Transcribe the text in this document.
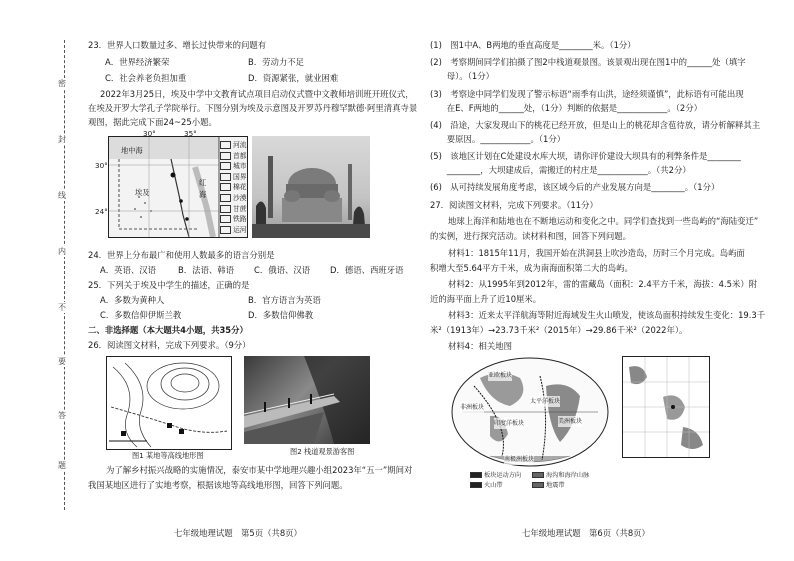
密
封
线
内
不
要
答
题
23．世界人口数量过多、增长过快带来的问题有
A．世界经济繁荣	B．劳动力不足
C．社会养老负担加重	D．资源紧张，就业困难
2022年3月25日，埃及中学中文教育试点项目启动仪式暨中文教师培训班开班仪式，
在埃及开罗大学孔子学院举行。下图分别为埃及示意图及开罗苏丹穆罕默德·阿里清真寺景
观图，据此完成下面24~25小题。
地中海
埃及
红海
河流
首都
城市
国界
棉花
沙漠
甘蔗
铁路
运河
30°	35°
30°
24°
24．世界上分布最广和使用人数最多的语言分别是
A．英语、汉语	B．法语、韩语 C．俄语、汉语 D．德语、西班牙语
25．下列关于埃及中学生的描述，正确的是
A．多数为黄种人	B．官方语言为英语
C．多数信仰伊斯兰教	D．多数信仰佛教
二、非选择题（本大题共4小题，共35分）
26．阅读图文材料，完成下列要求。（9分）
图1 某地等高线地形图	图2 栈道观景游客图
为了解乡村振兴战略的实施情况，泰安市某中学地理兴趣小组2023年“五一”期间对
我国某地区进行了实地考察，根据该地等高线地形图，回答下列问题。
七年级地理试题　第5页（共8页）
(1)　图1中A、B两地的垂直高度是________米。（1分）
(2)　考察期间同学们拍摄了图2中栈道观景图。该景观出现在图1中的______处（填字
　　母）。（1分）
(3)　考察途中同学们发现了警示标语“雨季有山洪，途经须谨慎”，此标语有可能出现
　　在E、F两地的______处，（1分）判断的依据是____________。（2分）
(4)　沿途，大家发现山下的桃花已经开放，但是山上的桃花却含苞待放，请分析解释其主
　　要原因。____________。（1分）
(5)　该地区计划在C处建设水库大坝，请你评价建设大坝具有的利弊条件是________
　　________，大坝建成后，需搬迁的村庄是____________。（共2分）
(6)　从可持续发展角度考虑，该区域今后的产业发展方向是________。（1分）
27．阅读图文材料，完成下列要求。（11分）
地球上海洋和陆地也在不断地运动和变化之中。同学们查找到一些岛屿的“海陆变迁”
的实例，进行探究活动。读材料和图，回答下列问题。
材料1：1815年11月，我国开始在洪洞县上吹沙造岛，历时三个月完成。岛屿面
积增大至5.64平方千米，成为南海面积第二大的岛屿。
材料2：从1995年到2012年，雷的雷藏岛（面积：2.4平方千米，海拔：4.5米）附
近的海平面上升了近10厘米。
材料3：近来太平洋航海等附近海域发生火山喷发，使该岛面积持续发生变化：19.3千
米²（1913年）→23.73千米²（2015年）→29.86千米²（2022年）。
材料4：相关地图
亚欧板块
太平洋板块
印度洋板块
南极洲板块
非洲板块
美洲板块
板块运动方向	海沟和海岸山脉
火山带	地震带
七年级地理试题　第6页（共8页）
